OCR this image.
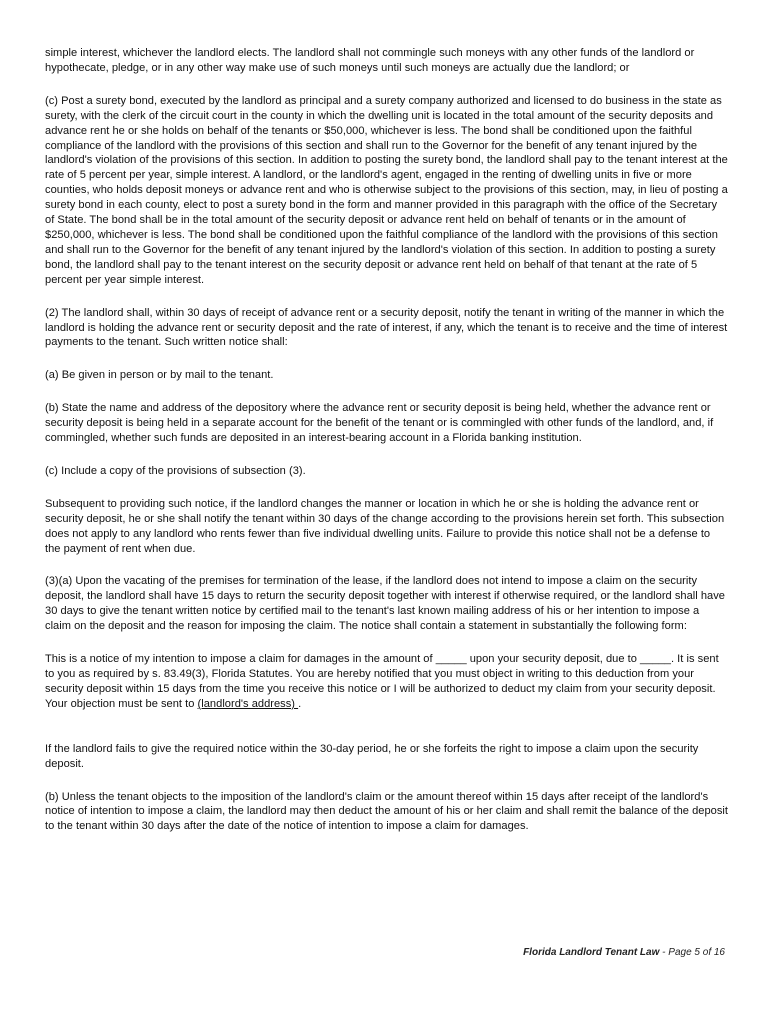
simple interest, whichever the landlord elects. The landlord shall not commingle such moneys with any other funds of the landlord or hypothecate, pledge, or in any other way make use of such moneys until such moneys are actually due the landlord; or

(c) Post a surety bond, executed by the landlord as principal and a surety company authorized and licensed to do business in the state as surety, with the clerk of the circuit court in the county in which the dwelling unit is located in the total amount of the security deposits and advance rent he or she holds on behalf of the tenants or $50,000, whichever is less. The bond shall be conditioned upon the faithful compliance of the landlord with the provisions of this section and shall run to the Governor for the benefit of any tenant injured by the landlord's violation of the provisions of this section. In addition to posting the surety bond, the landlord shall pay to the tenant interest at the rate of 5 percent per year, simple interest. A landlord, or the landlord's agent, engaged in the renting of dwelling units in five or more counties, who holds deposit moneys or advance rent and who is otherwise subject to the provisions of this section, may, in lieu of posting a surety bond in each county, elect to post a surety bond in the form and manner provided in this paragraph with the office of the Secretary of State. The bond shall be in the total amount of the security deposit or advance rent held on behalf of tenants or in the amount of $250,000, whichever is less. The bond shall be conditioned upon the faithful compliance of the landlord with the provisions of this section and shall run to the Governor for the benefit of any tenant injured by the landlord's violation of this section. In addition to posting a surety bond, the landlord shall pay to the tenant interest on the security deposit or advance rent held on behalf of that tenant at the rate of 5 percent per year simple interest.

(2) The landlord shall, within 30 days of receipt of advance rent or a security deposit, notify the tenant in writing of the manner in which the landlord is holding the advance rent or security deposit and the rate of interest, if any, which the tenant is to receive and the time of interest payments to the tenant. Such written notice shall:

(a) Be given in person or by mail to the tenant.

(b) State the name and address of the depository where the advance rent or security deposit is being held, whether the advance rent or security deposit is being held in a separate account for the benefit of the tenant or is commingled with other funds of the landlord, and, if commingled, whether such funds are deposited in an interest-bearing account in a Florida banking institution.

(c) Include a copy of the provisions of subsection (3).

Subsequent to providing such notice, if the landlord changes the manner or location in which he or she is holding the advance rent or security deposit, he or she shall notify the tenant within 30 days of the change according to the provisions herein set forth. This subsection does not apply to any landlord who rents fewer than five individual dwelling units. Failure to provide this notice shall not be a defense to the payment of rent when due.

(3)(a) Upon the vacating of the premises for termination of the lease, if the landlord does not intend to impose a claim on the security deposit, the landlord shall have 15 days to return the security deposit together with interest if otherwise required, or the landlord shall have 30 days to give the tenant written notice by certified mail to the tenant's last known mailing address of his or her intention to impose a claim on the deposit and the reason for imposing the claim. The notice shall contain a statement in substantially the following form:

This is a notice of my intention to impose a claim for damages in the amount of _____ upon your security deposit, due to _____. It is sent to you as required by s. 83.49(3), Florida Statutes. You are hereby notified that you must object in writing to this deduction from your security deposit within 15 days from the time you receive this notice or I will be authorized to deduct my claim from your security deposit. Your objection must be sent to (landlord's address) .

If the landlord fails to give the required notice within the 30-day period, he or she forfeits the right to impose a claim upon the security deposit.

(b) Unless the tenant objects to the imposition of the landlord's claim or the amount thereof within 15 days after receipt of the landlord's notice of intention to impose a claim, the landlord may then deduct the amount of his or her claim and shall remit the balance of the deposit to the tenant within 30 days after the date of the notice of intention to impose a claim for damages.

Florida Landlord Tenant Law - Page 5 of 16
